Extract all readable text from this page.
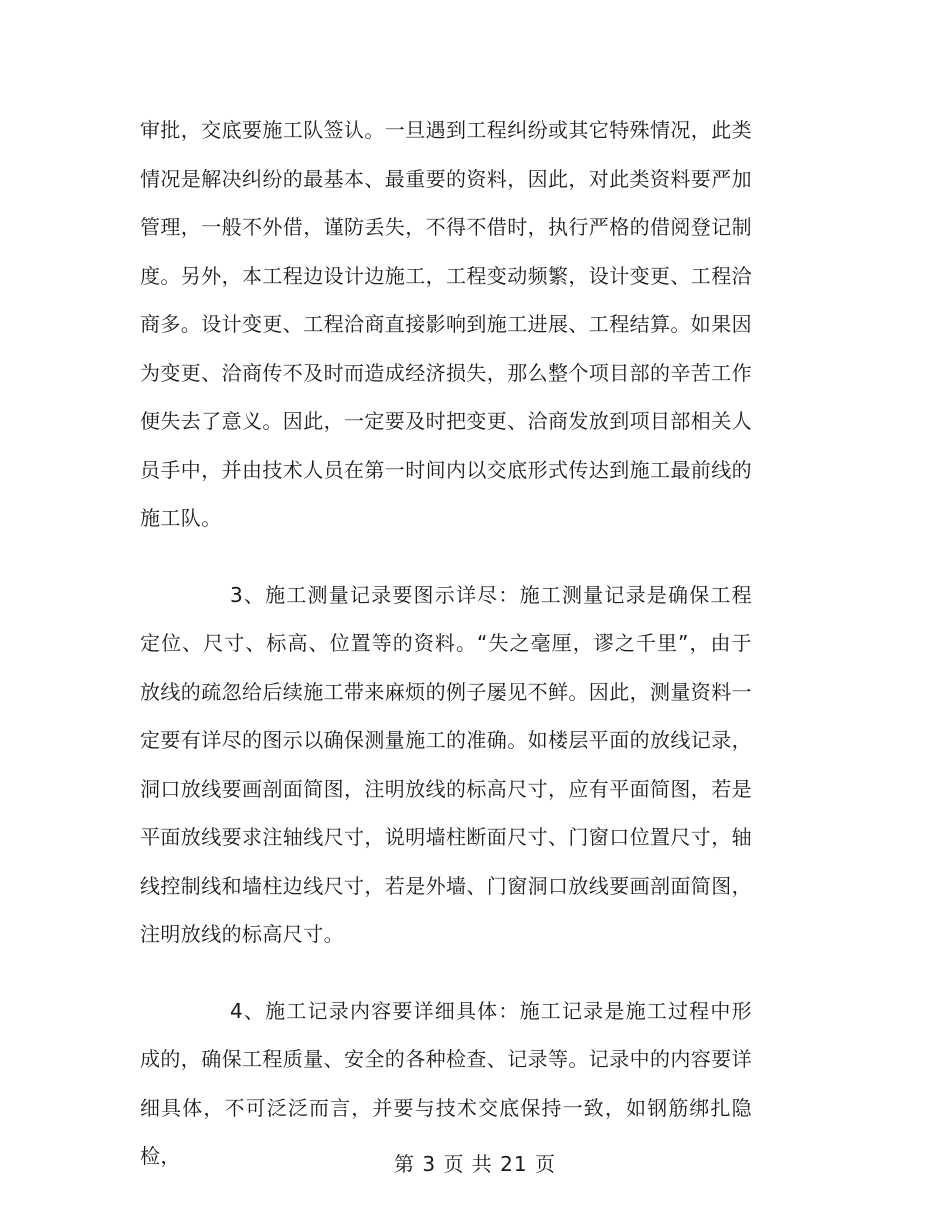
审批，交底要施工队签认。一旦遇到工程纠纷或其它特殊情况，此类情况是解决纠纷的最基本、最重要的资料，因此，对此类资料要严加管理，一般不外借，谨防丢失，不得不借时，执行严格的借阅登记制度。另外，本工程边设计边施工，工程变动频繁，设计变更、工程洽商多。设计变更、工程洽商直接影响到施工进展、工程结算。如果因为变更、洽商传不及时而造成经济损失，那么整个项目部的辛苦工作便失去了意义。因此，一定要及时把变更、洽商发放到项目部相关人员手中，并由技术人员在第一时间内以交底形式传达到施工最前线的施工队。

3、施工测量记录要图示详尽：施工测量记录是确保工程定位、尺寸、标高、位置等的资料。“失之毫厘，谬之千里”，由于放线的疏忽给后续施工带来麻烦的例子屡见不鲜。因此，测量资料一定要有详尽的图示以确保测量施工的准确。如楼层平面的放线记录，洞口放线要画剖面简图，注明放线的标高尺寸，应有平面简图，若是平面放线要求注轴线尺寸，说明墙柱断面尺寸、门窗口位置尺寸，轴线控制线和墙柱边线尺寸，若是外墙、门窗洞口放线要画剖面简图，注明放线的标高尺寸。

4、施工记录内容要详细具体：施工记录是施工过程中形成的，确保工程质量、安全的各种检查、记录等。记录中的内容要详细具体，不可泛泛而言，并要与技术交底保持一致，如钢筋绑扎隐检，	第 3 页 共 21 页
